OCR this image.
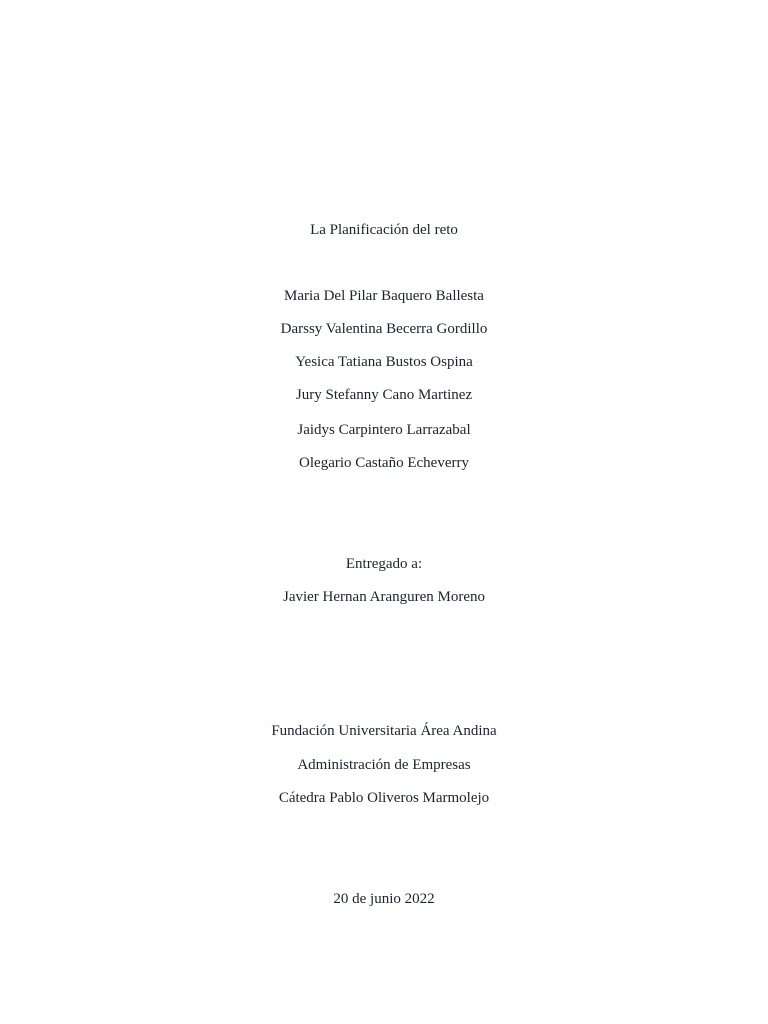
La Planificación del reto
Maria Del Pilar Baquero Ballesta
Darssy Valentina Becerra Gordillo
Yesica Tatiana Bustos Ospina
Jury Stefanny Cano Martinez
Jaidys Carpintero Larrazabal
Olegario Castaño Echeverry
Entregado a:
Javier Hernan Aranguren Moreno
Fundación Universitaria Área Andina
Administración de Empresas
Cátedra Pablo Oliveros Marmolejo
20 de junio 2022
